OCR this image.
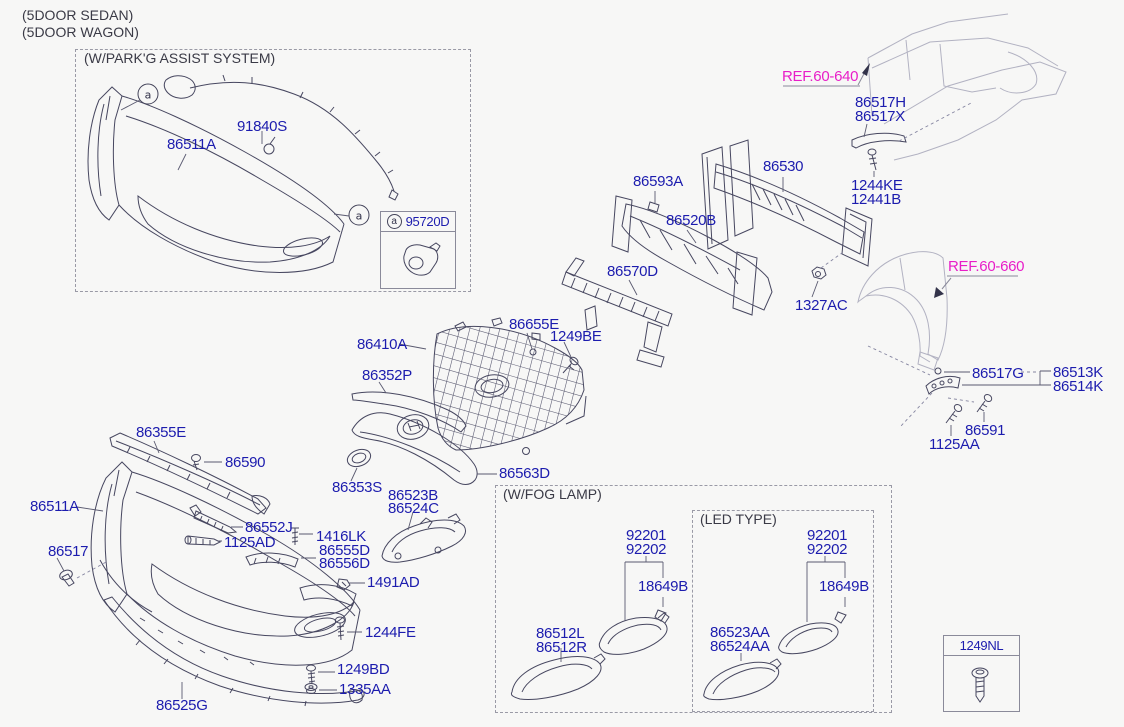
a
a	a 95720D
1249NL
(5DOOR SEDAN)
(5DOOR WAGON)
(W/PARK'G ASSIST SYSTEM)
(W/FOG LAMP)
(LED TYPE)
REF.60-640
REF.60-660
91840S
86511A
86593A
86530
86517H
86517X
1244KE
12441B
86520B
86570D
1327AC
86655E
1249BE
86410A
86352P	86517G 86513K
86514K
86591
1125AA
86355E
86590
86353S
86563D
86523B
86524C
86511A
86552J
1125AD
86517
1416LK
86555D
86556D
1491AD
1244FE
1249BD
1335AA
86525G
92201
92202
18649B
86512L
86512R
92201
92202
18649B
86523AA
86524AA
